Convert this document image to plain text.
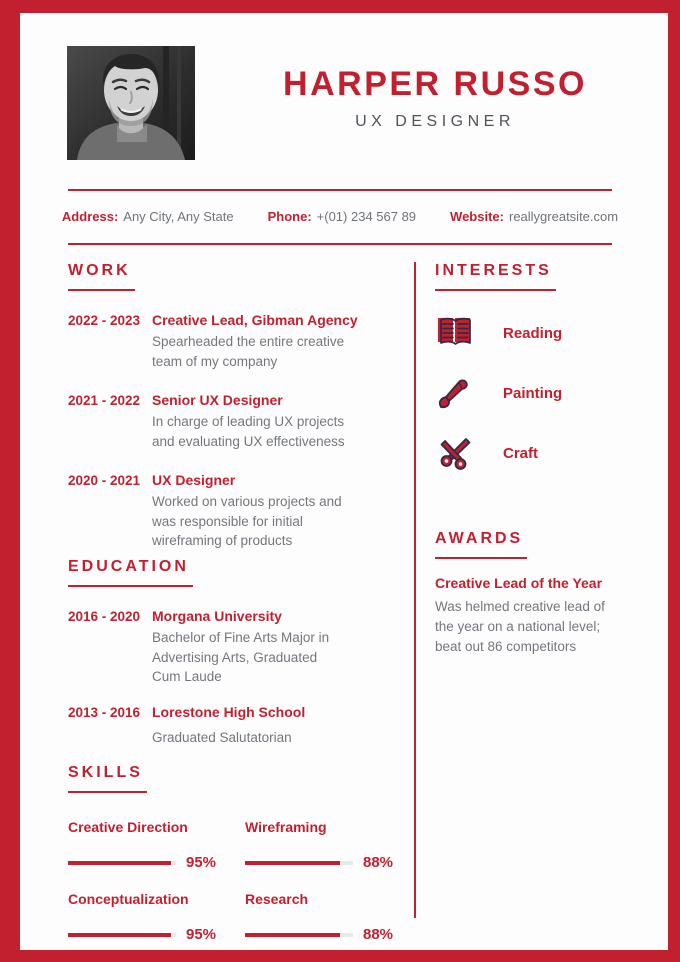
HARPER RUSSO
UX DESIGNER
Address: Any City, Any State	Phone: +(01) 234 567 89	Website: reallygreatsite.com
WORK
2022 - 2023 Creative Lead, Gibman Agency
Spearheaded the entire creative team of my company
2021 - 2022 Senior UX Designer
In charge of leading UX projects and evaluating UX effectiveness
2020 - 2021 UX Designer
Worked on various projects and was responsible for initial wireframing of products
EDUCATION
2016 - 2020 Morgana University
Bachelor of Fine Arts Major in Advertising Arts, Graduated Cum Laude
2013 - 2016 Lorestone High School
Graduated Salutatorian
SKILLS
Creative Direction
95%
Wireframing
88%
Conceptualization
95%
Research
88%
INTERESTS
Reading
Painting
Craft
AWARDS
Creative Lead of the Year
Was helmed creative lead of the year on a national level; beat out 86 competitors
